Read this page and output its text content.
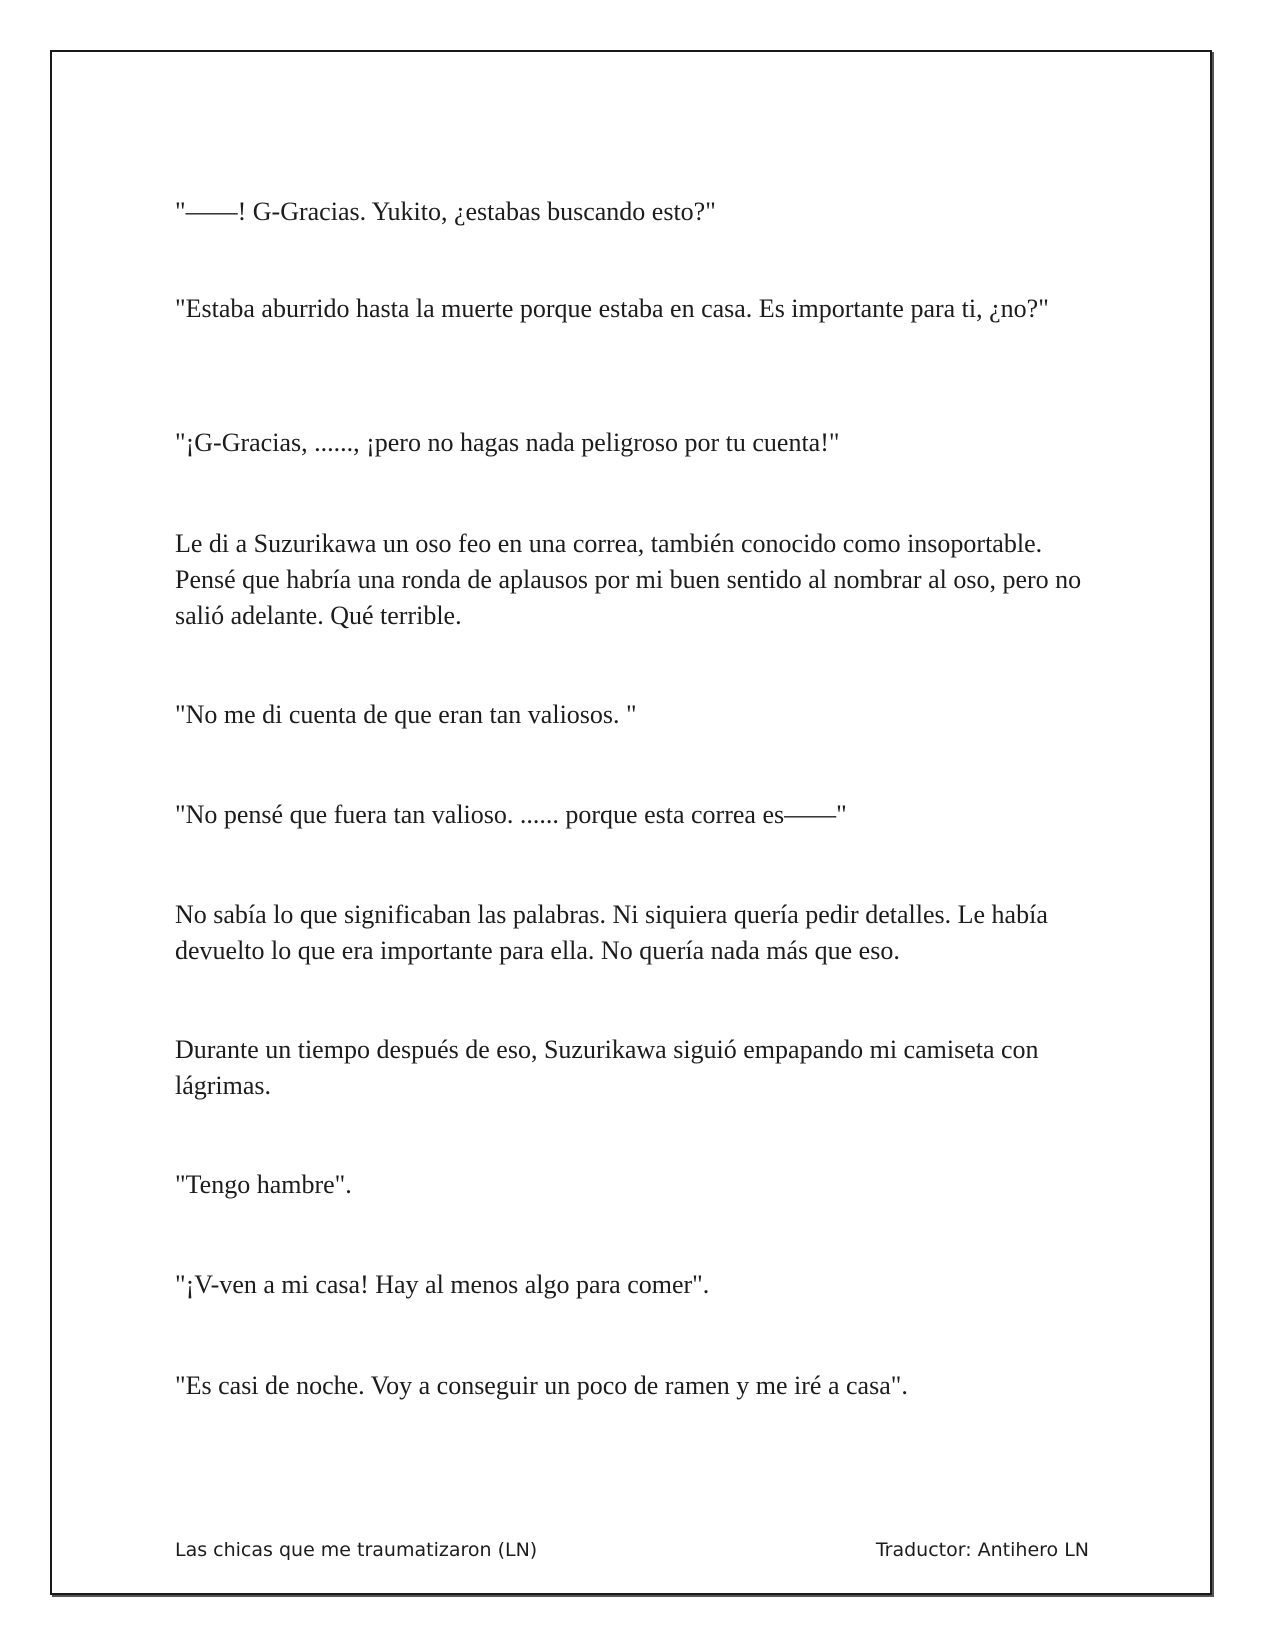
"——! G-Gracias. Yukito, ¿estabas buscando esto?"

"Estaba aburrido hasta la muerte porque estaba en casa. Es importante para ti, ¿no?"

"¡G-Gracias, ......, ¡pero no hagas nada peligroso por tu cuenta!"

Le di a Suzurikawa un oso feo en una correa, también conocido como insoportable. Pensé que habría una ronda de aplausos por mi buen sentido al nombrar al oso, pero no salió adelante. Qué terrible.

"No me di cuenta de que eran tan valiosos. "

"No pensé que fuera tan valioso. ...... porque esta correa es——"

No sabía lo que significaban las palabras. Ni siquiera quería pedir detalles. Le había devuelto lo que era importante para ella. No quería nada más que eso.

Durante un tiempo después de eso, Suzurikawa siguió empapando mi camiseta con lágrimas.

"Tengo hambre".

"¡V-ven a mi casa! Hay al menos algo para comer".

"Es casi de noche. Voy a conseguir un poco de ramen y me iré a casa".

Las chicas que me traumatizaron (LN)	Traductor: Antihero LN
